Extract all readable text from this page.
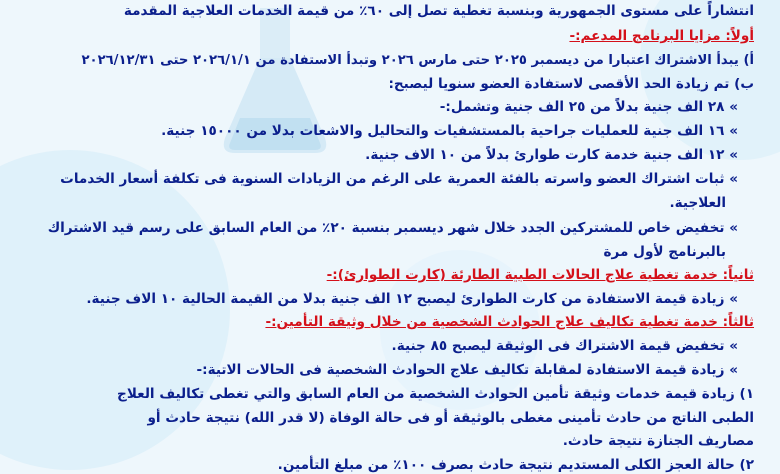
انتشاراً على مستوى الجمهورية وبنسبة تغطية تصل إلى ٦٠٪ من قيمة الخدمات العلاجية المقدمة
أولاً: مزايا البرنامج المدعم:-
أ) يبدأ الاشتراك اعتبارا من ديسمبر ٢٠٢٥ حتى مارس ٢٠٢٦ وتبدأ الاستفادة من ٢٠٢٦/١/١ حتى ٢٠٢٦/١٢/٣١
ب) تم زيادة الحد الأقصى لاستفادة العضو سنويا ليصبح:
» ٢٨ الف جنية بدلاً من ٢٥ الف جنية وتشمل:-
» ١٦ الف جنية للعمليات جراحية بالمستشفيات والتحاليل والاشعات بدلا من ١٥٠٠٠ جنية.
» ١٢ الف جنية خدمة كارت طوارئ بدلاً من ١٠ الاف جنية.
» ثبات اشتراك العضو واسرته بالفئة العمرية على الرغم من الزيادات السنوية فى تكلفة أسعار الخدمات
العلاجية.
» تخفيض خاص للمشتركين الجدد خلال شهر ديسمبر بنسبة ٢٠٪ من العام السابق على رسم قيد الاشتراك
بالبرنامج لأول مرة
ثانياً: خدمة تغطية علاج الحالات الطبية الطارئة (كارت الطوارئ):-
» زيادة قيمة الاستفادة من كارت الطوارئ ليصبح ١٢ الف جنية بدلا من القيمة الحالية ١٠ الاف جنية.
ثالثاً: خدمة تغطية تكاليف علاج الحوادث الشخصية من خلال وثيقة التأمين:-
» تخفيض قيمة الاشتراك فى الوثيقة ليصبح ٨٥ جنية.
» زيادة قيمة الاستفادة لمقابلة تكاليف علاج الحوادث الشخصية فى الحالات الاتية:-
١) زيادة قيمة خدمات وثيقة تأمين الحوادث الشخصية من العام السابق والتي تغطى تكاليف العلاج
الطبى الناتج من حادث تأمينى مغطى بالوثيقة أو فى حالة الوفاة (لا قدر الله) نتيجة حادث أو
مصاريف الجنازة نتيجة حادث.
٢) حالة العجز الكلى المستديم نتيجة حادث بصرف ١٠٠٪ من مبلغ التأمين.
